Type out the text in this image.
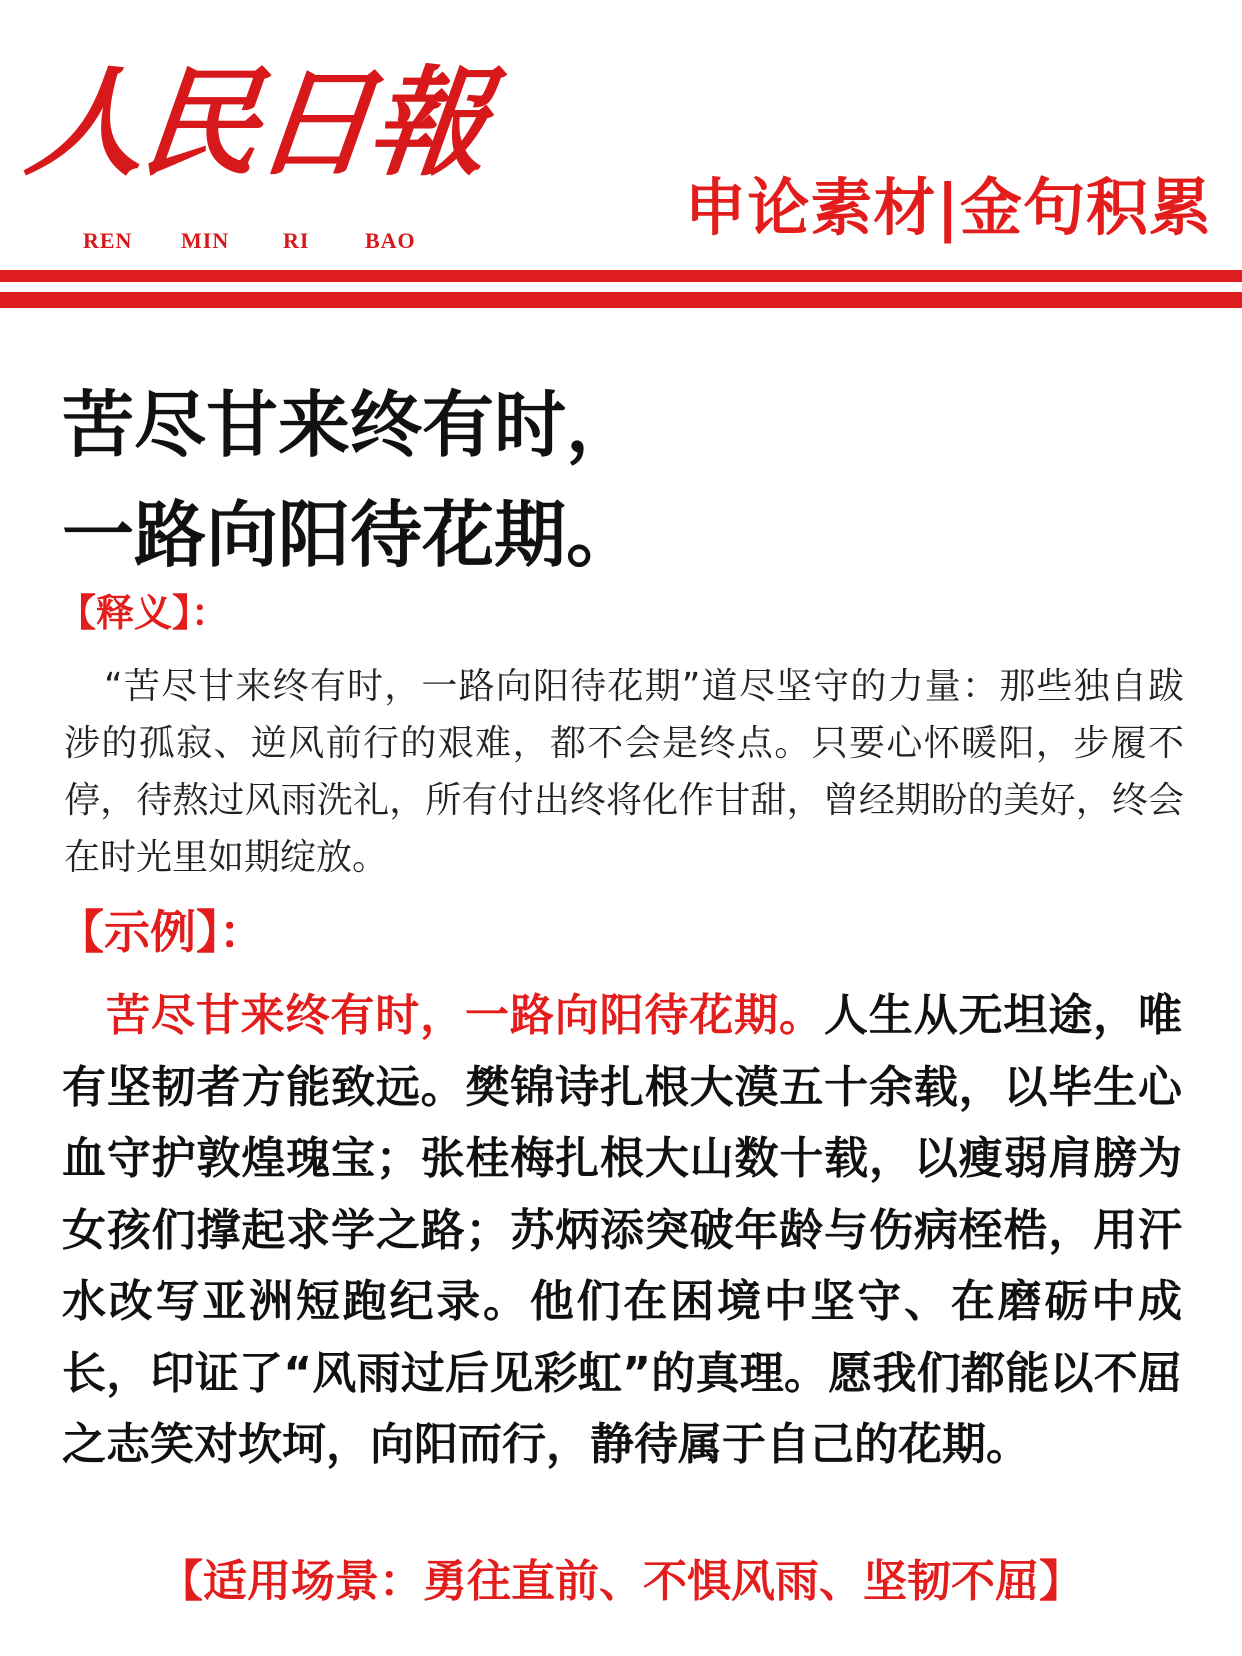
人民日報
REN	MIN	RI	BAO	申论素材|金句积累
苦尽甘来终有时，
一路向阳待花期。
【释义】：

“苦尽甘来终有时，一路向阳待花期”道尽坚守的力量：那些独自跋涉的孤寂、逆风前行的艰难，都不会是终点。只要心怀暖阳，步履不停，待熬过风雨洗礼，所有付出终将化作甘甜，曾经期盼的美好，终会在时光里如期绽放。

【示例】：

苦尽甘来终有时，一路向阳待花期。人生从无坦途，唯有坚韧者方能致远。樊锦诗扎根大漠五十余载，以毕生心血守护敦煌瑰宝；张桂梅扎根大山数十载，以瘦弱肩膀为女孩们撑起求学之路；苏炳添突破年龄与伤病桎梏，用汗水改写亚洲短跑纪录。他们在困境中坚守、在磨砺中成长，印证了“风雨过后见彩虹”的真理。愿我们都能以不屈之志笑对坎坷，向阳而行，静待属于自己的花期。

【适用场景：勇往直前、不惧风雨、坚韧不屈】
